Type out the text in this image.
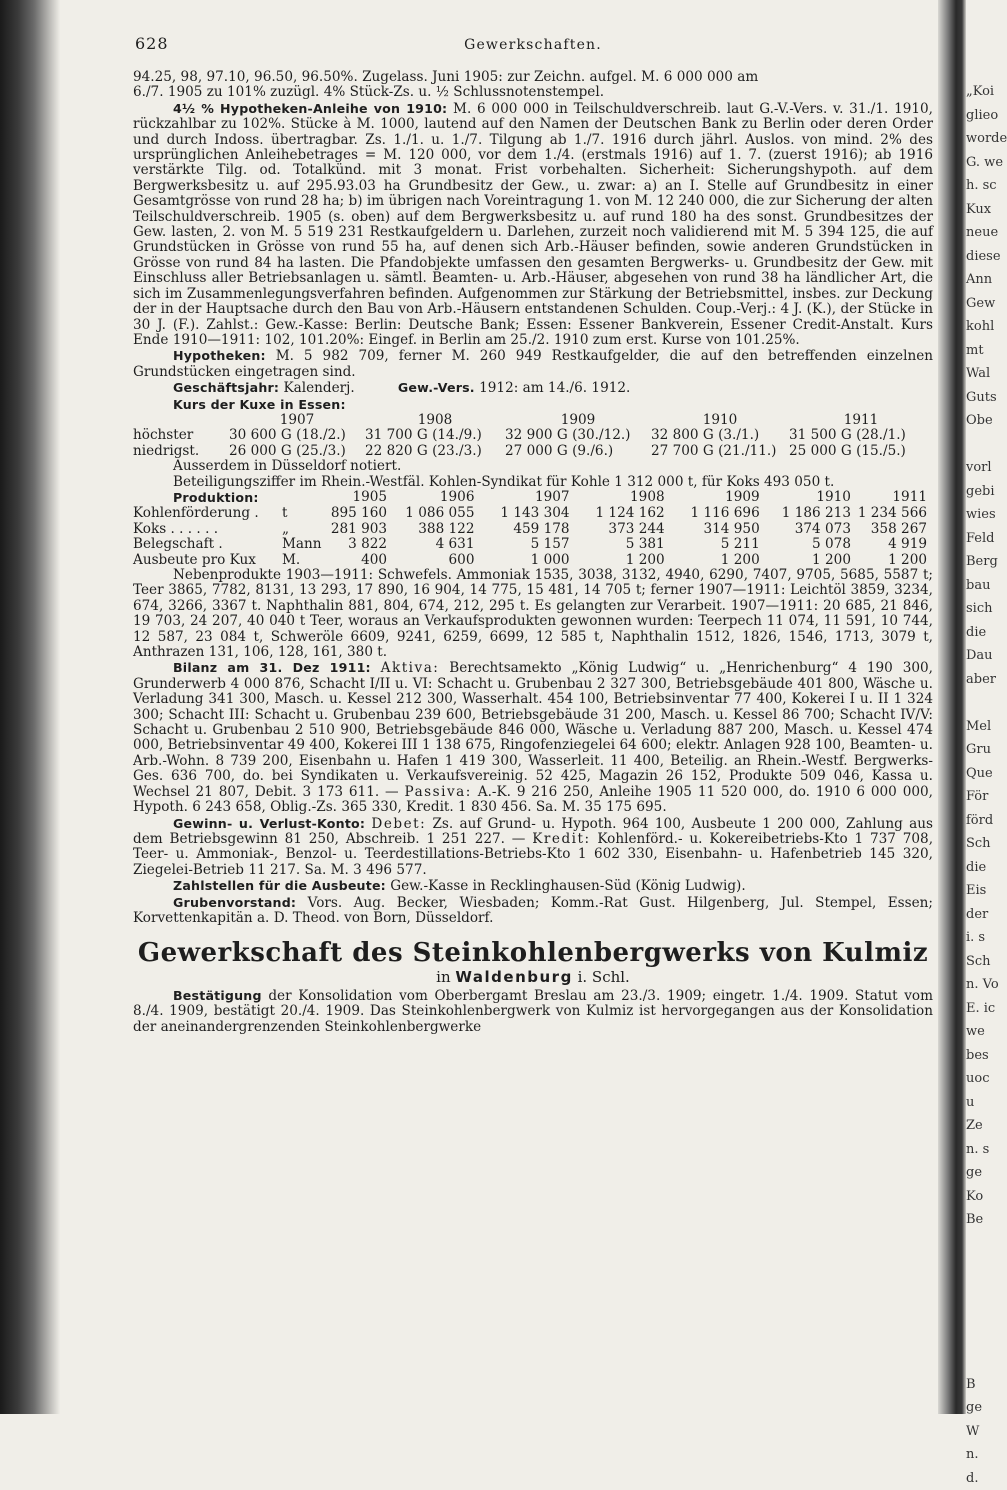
„Koi
glieo
worde
G. we
h. sc
Kux
neue
diese
Ann
Gew
kohl
mt
Wal
Guts
Obe

vorl
gebi
wies
Feld
Berg
bau
sich
die
Dau
aber

Mel
Gru
Que
För
förd
Sch
die
Eis
der
i. s
Sch
n. Vo
E. ic
we
bes
uoc
u
Ze
n. s
ge
Ko
Be

B
ge
W
n.
d.
628	Gewerkschaften.

94.25, 98, 97.10, 96.50, 96.50%. Zugelass. Juni 1905: zur Zeichn. aufgel. M. 6 000 000 am

6./7. 1905 zu 101% zuzügl. 4% Stück-Zs. u. ½ Schlussnotenstempel.

4½ % Hypotheken-Anleihe von 1910: M. 6 000 000 in Teilschuldverschreib. laut G.-V.-Vers. v. 31./1. 1910, rückzahlbar zu 102%. Stücke à M. 1000, lautend auf den Namen der Deutschen Bank zu Berlin oder deren Order und durch Indoss. übertragbar. Zs. 1./1. u. 1./7. Tilgung ab 1./7. 1916 durch jährl. Auslos. von mind. 2% des ursprünglichen Anleihebetrages = M. 120 000, vor dem 1./4. (erstmals 1916) auf 1. 7. (zuerst 1916); ab 1916 verstärkte Tilg. od. Totalkünd. mit 3 monat. Frist vorbehalten. Sicherheit: Sicherungshypoth. auf dem Bergwerksbesitz u. auf 295.93.03 ha Grundbesitz der Gew., u. zwar: a) an I. Stelle auf Grundbesitz in einer Gesamtgrösse von rund 28 ha; b) im übrigen nach Voreintragung 1. von M. 12 240 000, die zur Sicherung der alten Teilschuldverschreib. 1905 (s. oben) auf dem Bergwerksbesitz u. auf rund 180 ha des sonst. Grundbesitzes der Gew. lasten, 2. von M. 5 519 231 Restkaufgeldern u. Darlehen, zurzeit noch validierend mit M. 5 394 125, die auf Grundstücken in Grösse von rund 55 ha, auf denen sich Arb.-Häuser befinden, sowie anderen Grundstücken in Grösse von rund 84 ha lasten. Die Pfandobjekte umfassen den gesamten Bergwerks- u. Grundbesitz der Gew. mit Einschluss aller Betriebsanlagen u. sämtl. Beamten- u. Arb.-Häuser, abgesehen von rund 38 ha ländlicher Art, die sich im Zusammenlegungsverfahren befinden. Aufgenommen zur Stärkung der Betriebsmittel, insbes. zur Deckung der in der Hauptsache durch den Bau von Arb.-Häusern entstandenen Schulden. Coup.-Verj.: 4 J. (K.), der Stücke in 30 J. (F.). Zahlst.: Gew.-Kasse: Berlin: Deutsche Bank; Essen: Essener Bankverein, Essener Credit-Anstalt. Kurs Ende 1910—1911: 102, 101.20%: Eingef. in Berlin am 25./2. 1910 zum erst. Kurse von 101.25%.

Hypotheken: M. 5 982 709, ferner M. 260 949 Restkaufgelder, die auf den betreffenden einzelnen Grundstücken eingetragen sind.

Geschäftsjahr: Kalenderj.	Gew.-Vers. 1912: am 14./6. 1912.

Kurs der Kuxe in Essen:

	1907	1908	1909	1910	1911
höchster	30 600 G (18./2.)	31 700 G (14./9.)	32 900 G (30./12.)	32 800 G (3./1.)	31 500 G (28./1.)
niedrigst.	26 000 G (25./3.)	22 820 G (23./3.)	27 000 G (9./6.)	27 700 G (21./11.)	25 000 G (15./5.)

Ausserdem in Düsseldorf notiert.

Beteiligungsziffer im Rhein.-Westfäl. Kohlen-Syndikat für Kohle 1 312 000 t, für Koks 493 050 t.

Produktion:		1905	1906	1907	1908	1909	1910	1911
Kohlenförderung .	t	895 160	1 086 055	1 143 304	1 124 162	1 116 696	1 186 213	1 234 566
Koks . . . . . .	„	281 903	388 122	459 178	373 244	314 950	374 073	358 267
Belegschaft .	Mann	3 822	4 631	5 157	5 381	5 211	5 078	4 919
Ausbeute pro Kux	M.	400	600	1 000	1 200	1 200	1 200	1 200

Nebenprodukte 1903—1911: Schwefels. Ammoniak 1535, 3038, 3132, 4940, 6290, 7407, 9705, 5685, 5587 t; Teer 3865, 7782, 8131, 13 293, 17 890, 16 904, 14 775, 15 481, 14 705 t; ferner 1907—1911: Leichtöl 3859, 3234, 674, 3266, 3367 t. Naphthalin 881, 804, 674, 212, 295 t. Es gelangten zur Verarbeit. 1907—1911: 20 685, 21 846, 19 703, 24 207, 40 040 t Teer, woraus an Verkaufsprodukten gewonnen wurden: Teerpech 11 074, 11 591, 10 744, 12 587, 23 084 t, Schweröle 6609, 9241, 6259, 6699, 12 585 t, Naphthalin 1512, 1826, 1546, 1713, 3079 t, Anthrazen 131, 106, 128, 161, 380 t.

Bilanz am 31. Dez 1911: Aktiva: Berechtsamekto „König Ludwig“ u. „Henrichenburg“ 4 190 300, Grunderwerb 4 000 876, Schacht I/II u. VI: Schacht u. Grubenbau 2 327 300, Betriebsgebäude 401 800, Wäsche u. Verladung 341 300, Masch. u. Kessel 212 300, Wasserhalt. 454 100, Betriebsinventar 77 400, Kokerei I u. II 1 324 300; Schacht III: Schacht u. Grubenbau 239 600, Betriebsgebäude 31 200, Masch. u. Kessel 86 700; Schacht IV/V: Schacht u. Grubenbau 2 510 900, Betriebsgebäude 846 000, Wäsche u. Verladung 887 200, Masch. u. Kessel 474 000, Betriebsinventar 49 400, Kokerei III 1 138 675, Ringofenziegelei 64 600; elektr. Anlagen 928 100, Beamten- u. Arb.-Wohn. 8 739 200, Eisenbahn u. Hafen 1 419 300, Wasserleit. 11 400, Beteilig. an Rhein.-Westf. Bergwerks-Ges. 636 700, do. bei Syndikaten u. Verkaufsvereinig. 52 425, Magazin 26 152, Produkte 509 046, Kassa u. Wechsel 21 807, Debit. 3 173 611. — Passiva: A.-K. 9 216 250, Anleihe 1905 11 520 000, do. 1910 6 000 000, Hypoth. 6 243 658, Oblig.-Zs. 365 330, Kredit. 1 830 456. Sa. M. 35 175 695.

Gewinn- u. Verlust-Konto: Debet: Zs. auf Grund- u. Hypoth. 964 100, Ausbeute 1 200 000, Zahlung aus dem Betriebsgewinn 81 250, Abschreib. 1 251 227. — Kredit: Kohlenförd.- u. Kokereibetriebs-Kto 1 737 708, Teer- u. Ammoniak-, Benzol- u. Teerdestillations-Betriebs-Kto 1 602 330, Eisenbahn- u. Hafenbetrieb 145 320, Ziegelei-Betrieb 11 217. Sa. M. 3 496 577.

Zahlstellen für die Ausbeute: Gew.-Kasse in Recklinghausen-Süd (König Ludwig).

Grubenvorstand: Vors. Aug. Becker, Wiesbaden; Komm.-Rat Gust. Hilgenberg, Jul. Stempel, Essen; Korvettenkapitän a. D. Theod. von Born, Düsseldorf.

Gewerkschaft des Steinkohlenbergwerks von Kulmiz

in Waldenburg i. Schl.

Bestätigung der Konsolidation vom Oberbergamt Breslau am 23./3. 1909; eingetr. 1./4. 1909. Statut vom 8./4. 1909, bestätigt 20./4. 1909. Das Steinkohlenbergwerk von Kulmiz ist hervorgegangen aus der Konsolidation der aneinandergrenzenden Steinkohlenbergwerke
